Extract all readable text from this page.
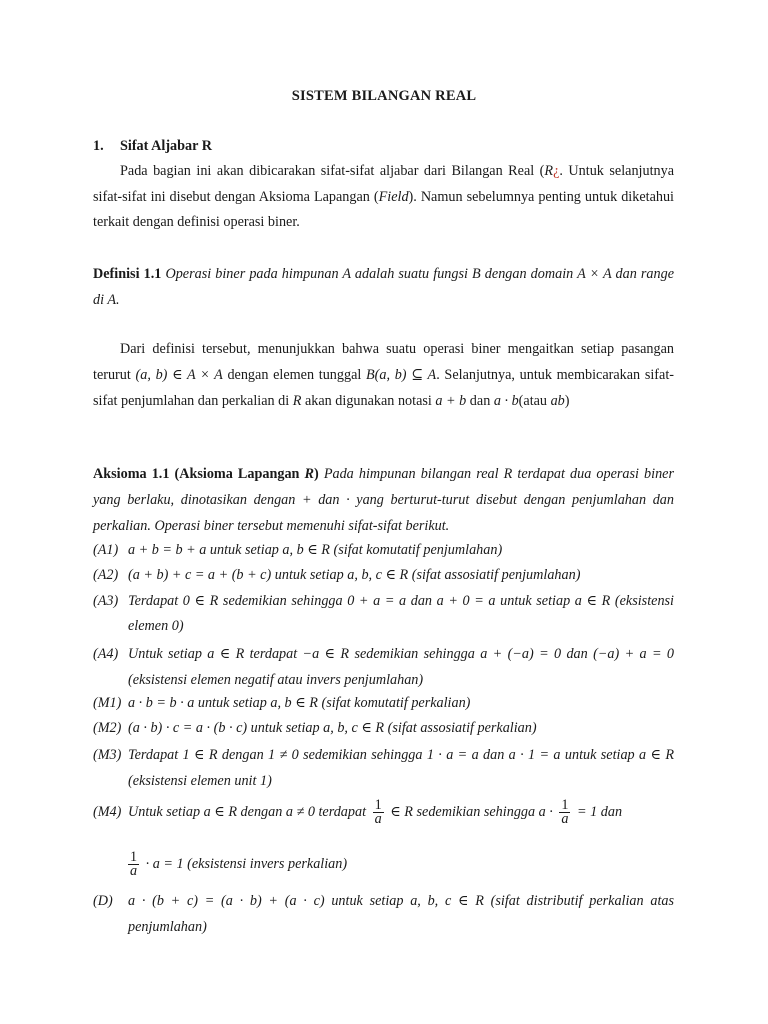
SISTEM BILANGAN REAL
1. Sifat Aljabar R
Pada bagian ini akan dibicarakan sifat-sifat aljabar dari Bilangan Real (R¿. Untuk selanjutnya sifat-sifat ini disebut dengan Aksioma Lapangan (Field). Namun sebelumnya penting untuk diketahui terkait dengan definisi operasi biner.
Definisi 1.1 Operasi biner pada himpunan A adalah suatu fungsi B dengan domain A × A dan range di A.
Dari definisi tersebut, menunjukkan bahwa suatu operasi biner mengaitkan setiap pasangan terurut (a, b) ∈ A × A dengan elemen tunggal B(a, b) ⊆ A. Selanjutnya, untuk membicarakan sifat-sifat penjumlahan dan perkalian di R akan digunakan notasi a + b dan a · b(atau ab)
Aksioma 1.1 (Aksioma Lapangan R) Pada himpunan bilangan real R terdapat dua operasi biner yang berlaku, dinotasikan dengan + dan · yang berturut-turut disebut dengan penjumlahan dan perkalian. Operasi biner tersebut memenuhi sifat-sifat berikut.
(A1) a + b = b + a untuk setiap a, b ∈ R (sifat komutatif penjumlahan)
(A2) (a + b) + c = a + (b + c) untuk setiap a, b, c ∈ R (sifat assosiatif penjumlahan)
(A3) Terdapat 0 ∈ R sedemikian sehingga 0 + a = a dan a + 0 = a untuk setiap a ∈ R (eksistensi elemen 0)
(A4) Untuk setiap a ∈ R terdapat −a ∈ R sedemikian sehingga a + (−a) = 0 dan (−a) + a = 0 (eksistensi elemen negatif atau invers penjumlahan)
(M1) a · b = b · a untuk setiap a, b ∈ R (sifat komutatif perkalian)
(M2) (a · b) · c = a · (b · c) untuk setiap a, b, c ∈ R (sifat assosiatif perkalian)
(M3) Terdapat 1 ∈ R dengan 1 ≠ 0 sedemikian sehingga 1 · a = a dan a · 1 = a untuk setiap a ∈ R (eksistensi elemen unit 1)
(M4) Untuk setiap a ∈ R dengan a ≠ 0 terdapat $\frac{1}{a}$ ∈ R sedemikian sehingga $a \cdot \frac{1}{a} = 1$ dan
$\frac{1}{a} \cdot a = 1$ (eksistensi invers perkalian)
(D) a · (b + c) = (a · b) + (a · c) untuk setiap a, b, c ∈ R (sifat distributif perkalian atas penjumlahan)
